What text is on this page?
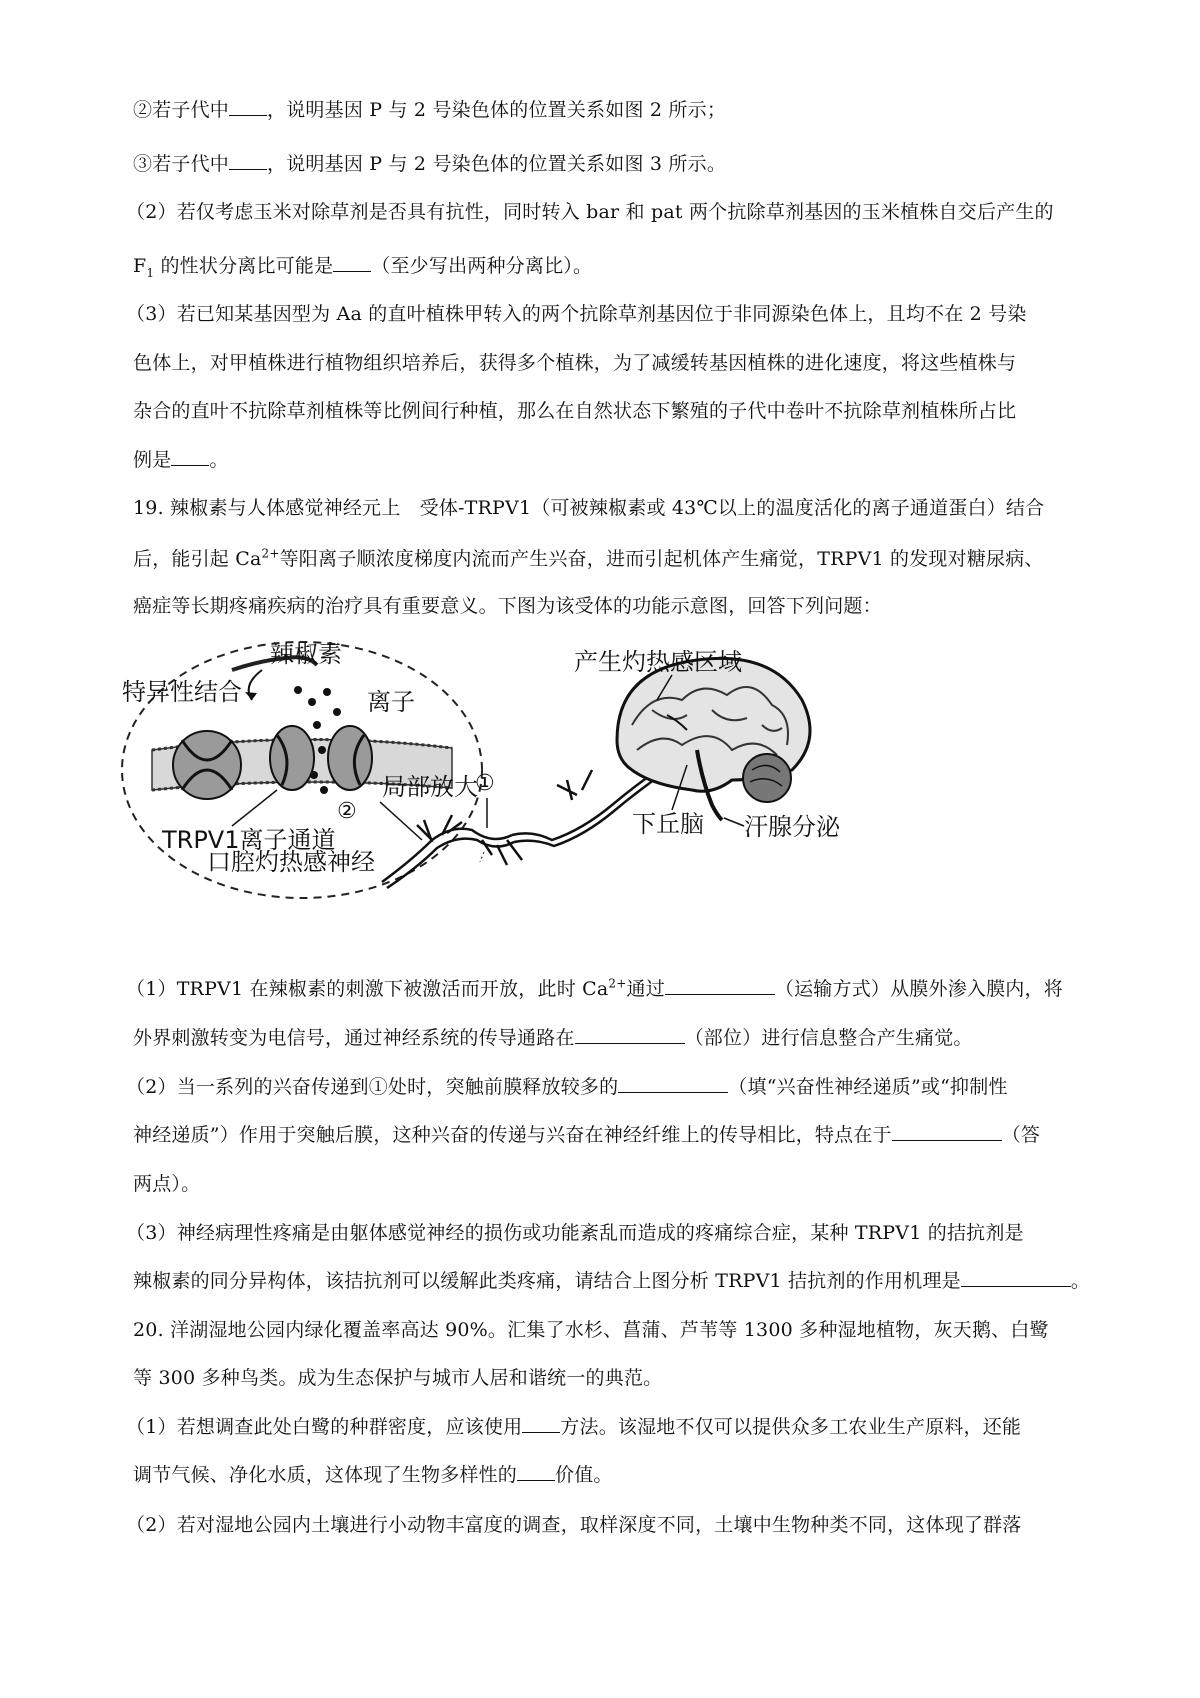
②若子代中 ，说明基因 P 与 2 号染色体的位置关系如图 2 所示；
③若子代中 ，说明基因 P 与 2 号染色体的位置关系如图 3 所示。
（2）若仅考虑玉米对除草剂是否具有抗性，同时转入 bar 和 pat 两个抗除草剂基因的玉米植株自交后产生的
$F_1$ 的性状分离比可能是 （至少写出两种分离比）。
（3）若已知某基因型为 Aa 的直叶植株甲转入的两个抗除草剂基因位于非同源染色体上，且均不在 2 号染
色体上，对甲植株进行植物组织培养后，获得多个植株，为了减缓转基因植株的进化速度，将这些植株与
杂合的直叶不抗除草剂植株等比例间行种植，那么在自然状态下繁殖的子代中卷叶不抗除草剂植株所占比
例是 。
19. 辣椒素与人体感觉神经元上　受体-TRPV1（可被辣椒素或 43℃以上的温度活化的离子通道蛋白）结合
后，能引起 $Ca^{2+}$等阳离子顺浓度梯度内流而产生兴奋，进而引起机体产生痛觉，TRPV1 的发现对糖尿病、
癌症等长期疼痛疾病的治疗具有重要意义。下图为该受体的功能示意图，回答下列问题：
特异性结合
辣椒素
离子
TRPV1离子通道
局部放大
②
①
口腔灼热感神经
产生灼热感区域
下丘脑 汗腺分泌
（1）TRPV1 在辣椒素的刺激下被激活而开放，此时 $Ca^{2+}$通过	（运输方式）从膜外渗入膜内，将
外界刺激转变为电信号，通过神经系统的传导通路在	（部位）进行信息整合产生痛觉。
（2）当一系列的兴奋传递到①处时，突触前膜释放较多的	（填“兴奋性神经递质”或“抑制性
神经递质”）作用于突触后膜，这种兴奋的传递与兴奋在神经纤维上的传导相比，特点在于	（答
两点）。
（3）神经病理性疼痛是由躯体感觉神经的损伤或功能紊乱而造成的疼痛综合症，某种 TRPV1 的拮抗剂是
辣椒素的同分异构体，该拮抗剂可以缓解此类疼痛，请结合上图分析 TRPV1 拮抗剂的作用机理是	。
20. 洋湖湿地公园内绿化覆盖率高达 90%。汇集了水杉、菖蒲、芦苇等 1300 多种湿地植物，灰天鹅、白鹭
等 300 多种鸟类。成为生态保护与城市人居和谐统一的典范。
（1）若想调查此处白鹭的种群密度，应该使用 方法。该湿地不仅可以提供众多工农业生产原料，还能
调节气候、净化水质，这体现了生物多样性的 价值。
（2）若对湿地公园内土壤进行小动物丰富度的调查，取样深度不同，土壤中生物种类不同，这体现了群落
